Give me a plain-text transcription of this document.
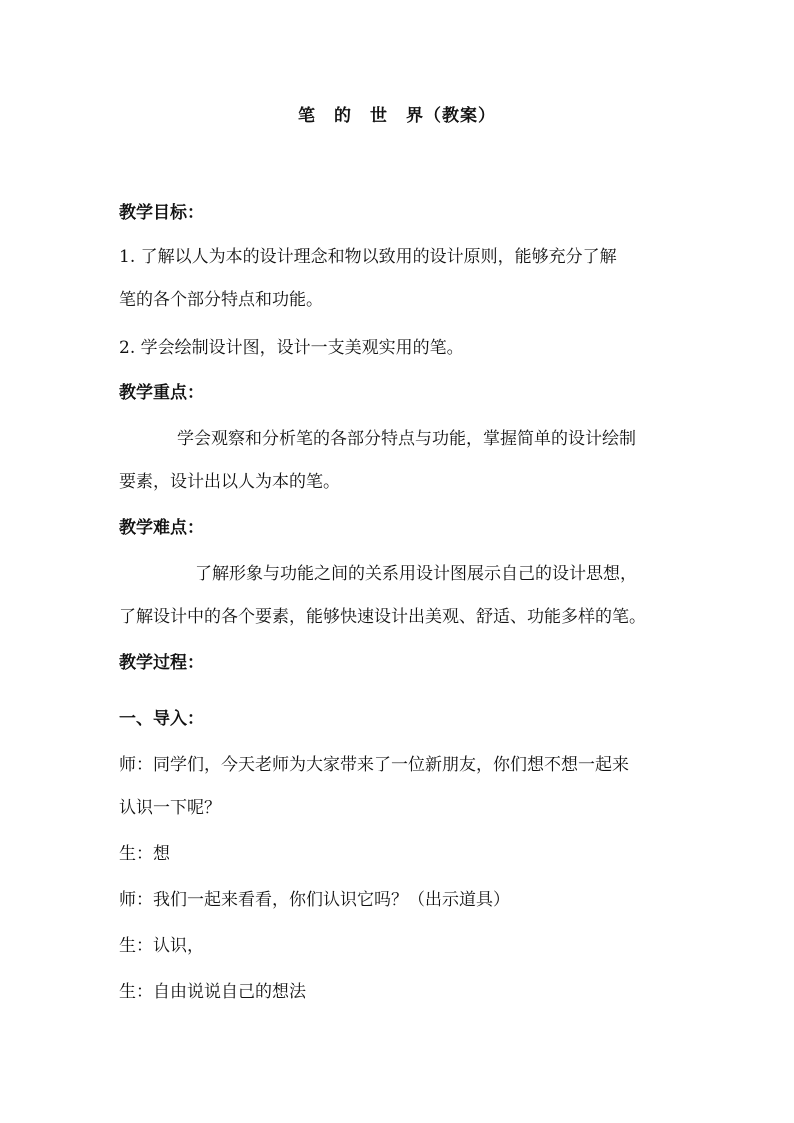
笔　的　世　界（教案）
教学目标：
1. 了解以人为本的设计理念和物以致用的设计原则，能够充分了解
笔的各个部分特点和功能。
2. 学会绘制设计图，设计一支美观实用的笔。
教学重点：
学会观察和分析笔的各部分特点与功能，掌握简单的设计绘制
要素，设计出以人为本的笔。
教学难点：
了解形象与功能之间的关系用设计图展示自己的设计思想，
了解设计中的各个要素，能够快速设计出美观、舒适、功能多样的笔。
教学过程：
一、导入：
师：同学们，今天老师为大家带来了一位新朋友，你们想不想一起来
认识一下呢？
生：想
师：我们一起来看看，你们认识它吗？（出示道具）
生：认识，
生：自由说说自己的想法
